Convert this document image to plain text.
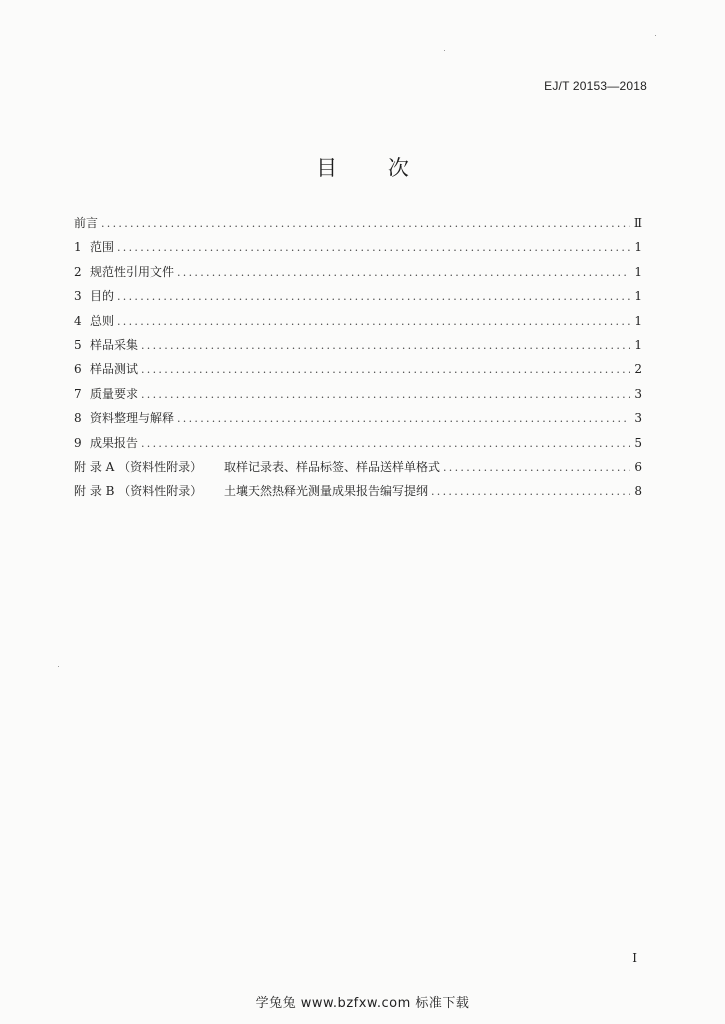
EJ/T 20153—2018
目 次
前言 .....	Ⅱ
1 范围 .....	1
2 规范性引用文件 .....	1
3 目的 .....	1
4 总则 .....	1
5 样品采集 .....	1
6 样品测试 .....	2
7 质量要求 .....	3
8 资料整理与解释 .....	3
9 成果报告 .....	5
附 录 A （资料性附录）	取样记录表、样品标签、样品送样单格式 .....	6
附 录 B （资料性附录）	土壤天然热释光测量成果报告编写提纲 .....	8
I
学兔兔 www.bzfxw.com 标准下载
